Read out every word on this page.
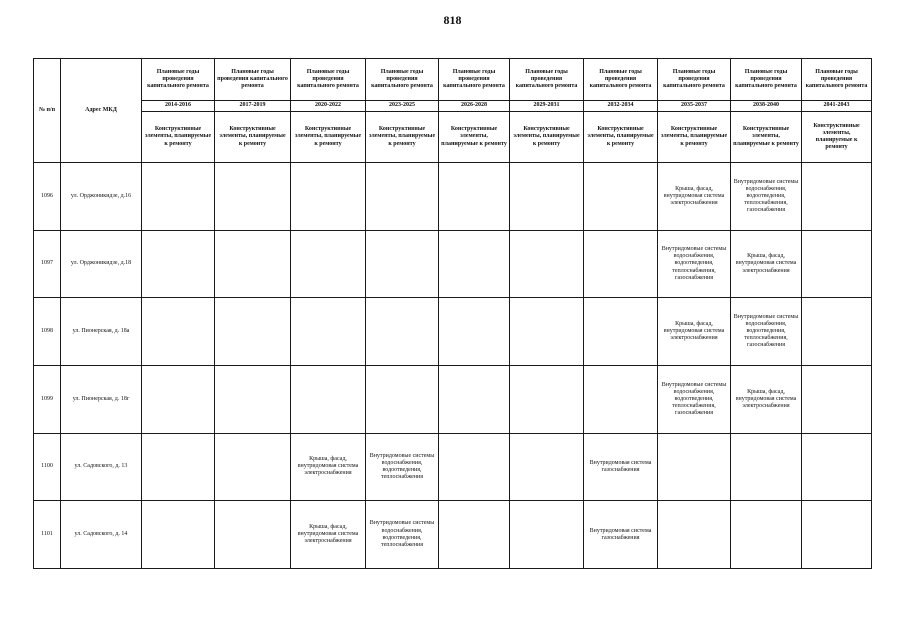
818
№ п/п	Адрес МКД	Плановые годы проведения капитального ремонта	Плановые годы проведения капитального ремонта	Плановые годы проведения капитального ремонта	Плановые годы проведения капитального ремонта	Плановые годы проведения капитального ремонта	Плановые годы проведения капитального ремонта	Плановые годы проведения капитального ремонта	Плановые годы проведения капитального ремонта	Плановые годы проведения капитального ремонта	Плановые годы проведения капитального ремонта
		2014-2016	2017-2019	2020-2022	2023-2025	2026-2028	2029-2031	2032-2034	2035-2037	2038-2040	2041-2043
		Конструктивные элементы, планируемые к ремонту	Конструктивные элементы, планируемые к ремонту	Конструктивные элементы, планируемые к ремонту	Конструктивные элементы, планируемые к ремонту	Конструктивные элементы, планируемые к ремонту	Конструктивные элементы, планируемые к ремонту	Конструктивные элементы, планируемые к ремонту	Конструктивные элементы, планируемые к ремонту	Конструктивные элементы, планируемые к ремонту	Конструктивные элементы, планируемые к ремонту
1096	ул. Орджоникидзе, д.16								Крыша, фасад, внутридомовая система электроснабжения	Внутридомовые системы водоснабжения, водоотведения, теплоснабжения, газоснабжения	
1097	ул. Орджоникидзе, д.18								Внутридомовые системы водоснабжения, водоотведения, теплоснабжения, газоснабжения	Крыша, фасад, внутридомовая система электроснабжения	
1098	ул. Пионерская, д. 18а								Крыша, фасад, внутридомовая система электроснабжения	Внутридомовые системы водоснабжения, водоотведения, теплоснабжения, газоснабжения	
1099	ул. Пионерская, д. 18г								Внутридомовые системы водоснабжения, водоотведения, теплоснабжения, газоснабжения	Крыша, фасад, внутридомовая система электроснабжения	
1100	ул. Садовского, д. 13			Крыша, фасад, внутридомовая система электроснабжения	Внутридомовые системы водоснабжения, водоотведения, теплоснабжения			Внутридомовая система газоснабжения			
1101	ул. Садовского, д. 14			Крыша, фасад, внутридомовая система электроснабжения	Внутридомовые системы водоснабжения, водоотведения, теплоснабжения			Внутридомовая система газоснабжения			
